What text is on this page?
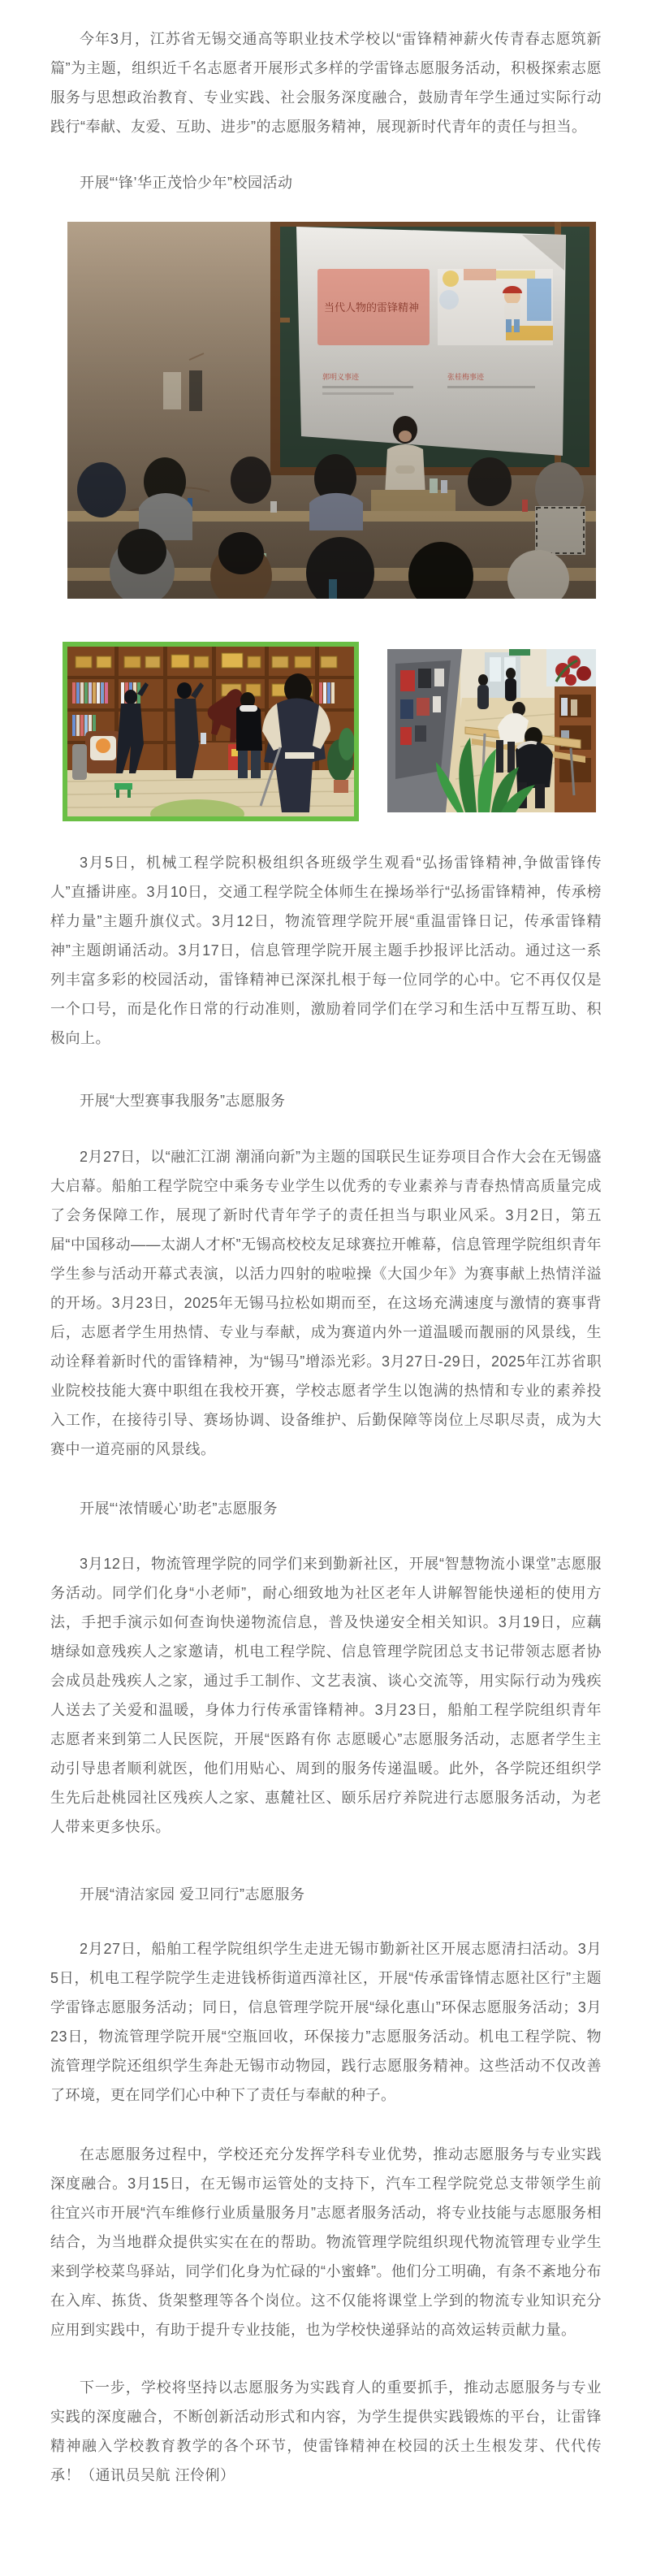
今年3月，江苏省无锡交通高等职业技术学校以“雷锋精神薪火传青春志愿筑新篇”为主题，组织近千名志愿者开展形式多样的学雷锋志愿服务活动，积极探索志愿服务与思想政治教育、专业实践、社会服务深度融合，鼓励青年学生通过实际行动践行“奉献、友爱、互助、进步”的志愿服务精神，展现新时代青年的责任与担当。

开展“‘锋’华正茂恰少年”校园活动

3月5日，机械工程学院积极组织各班级学生观看“弘扬雷锋精神,争做雷锋传人”直播讲座。3月10日，交通工程学院全体师生在操场举行“弘扬雷锋精神，传承榜样力量”主题升旗仪式。3月12日，物流管理学院开展“重温雷锋日记，传承雷锋精神”主题朗诵活动。3月17日，信息管理学院开展主题手抄报评比活动。通过这一系列丰富多彩的校园活动，雷锋精神已深深扎根于每一位同学的心中。它不再仅仅是一个口号，而是化作日常的行动准则，激励着同学们在学习和生活中互帮互助、积极向上。

开展“大型赛事我服务”志愿服务

2月27日，以“融汇江湖 潮涌向新”为主题的国联民生证券项目合作大会在无锡盛大启幕。船舶工程学院空中乘务专业学生以优秀的专业素养与青春热情高质量完成了会务保障工作，展现了新时代青年学子的责任担当与职业风采。3月2日，第五届“中国移动——太湖人才杯”无锡高校校友足球赛拉开帷幕，信息管理学院组织青年学生参与活动开幕式表演，以活力四射的啦啦操《大国少年》为赛事献上热情洋溢的开场。3月23日，2025年无锡马拉松如期而至，在这场充满速度与激情的赛事背后，志愿者学生用热情、专业与奉献，成为赛道内外一道温暖而靓丽的风景线，生动诠释着新时代的雷锋精神，为“锡马”增添光彩。3月27日-29日，2025年江苏省职业院校技能大赛中职组在我校开赛，学校志愿者学生以饱满的热情和专业的素养投入工作，在接待引导、赛场协调、设备维护、后勤保障等岗位上尽职尽责，成为大赛中一道亮丽的风景线。

开展“‘浓情暖心’助老”志愿服务

3月12日，物流管理学院的同学们来到勤新社区，开展“智慧物流小课堂”志愿服务活动。同学们化身“小老师”，耐心细致地为社区老年人讲解智能快递柜的使用方法，手把手演示如何查询快递物流信息，普及快递安全相关知识。3月19日，应藕塘绿如意残疾人之家邀请，机电工程学院、信息管理学院团总支书记带领志愿者协会成员赴残疾人之家，通过手工制作、文艺表演、谈心交流等，用实际行动为残疾人送去了关爱和温暖，身体力行传承雷锋精神。3月23日，船舶工程学院组织青年志愿者来到第二人民医院，开展“医路有你 志愿暖心”志愿服务活动，志愿者学生主动引导患者顺利就医，他们用贴心、周到的服务传递温暖。此外，各学院还组织学生先后赴桃园社区残疾人之家、惠麓社区、颐乐居疗养院进行志愿服务活动，为老人带来更多快乐。

开展“清洁家园 爱卫同行”志愿服务

2月27日，船舶工程学院组织学生走进无锡市勤新社区开展志愿清扫活动。3月5日，机电工程学院学生走进钱桥街道西漳社区，开展“传承雷锋情志愿社区行”主题学雷锋志愿服务活动；同日，信息管理学院开展“绿化惠山”环保志愿服务活动；3月23日，物流管理学院开展“空瓶回收，环保接力”志愿服务活动。机电工程学院、物流管理学院还组织学生奔赴无锡市动物园，践行志愿服务精神。这些活动不仅改善了环境，更在同学们心中种下了责任与奉献的种子。

在志愿服务过程中，学校还充分发挥学科专业优势，推动志愿服务与专业实践深度融合。3月15日，在无锡市运管处的支持下，汽车工程学院党总支带领学生前往宜兴市开展“汽车维修行业质量服务月”志愿者服务活动，将专业技能与志愿服务相结合，为当地群众提供实实在在的帮助。物流管理学院组织现代物流管理专业学生来到学校菜鸟驿站，同学们化身为忙碌的“小蜜蜂”。他们分工明确，有条不紊地分布在入库、拣货、货架整理等各个岗位。这不仅能将课堂上学到的物流专业知识充分应用到实践中，有助于提升专业技能，也为学校快递驿站的高效运转贡献力量。

下一步，学校将坚持以志愿服务为实践育人的重要抓手，推动志愿服务与专业实践的深度融合，不断创新活动形式和内容，为学生提供实践锻炼的平台，让雷锋精神融入学校教育教学的各个环节，使雷锋精神在校园的沃土生根发芽、代代传承！（通讯员吴航 汪伶俐）
